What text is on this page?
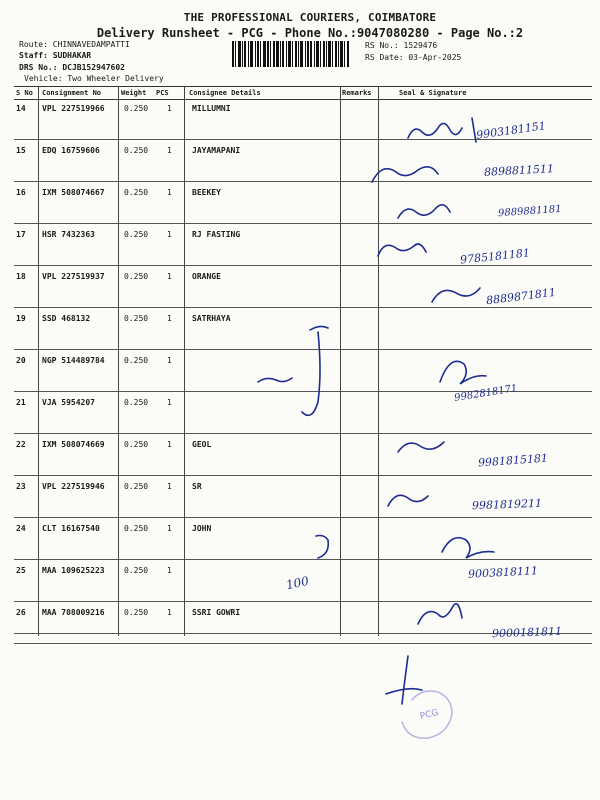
THE PROFESSIONAL COURIERS, COIMBATORE
Delivery Runsheet - PCG - Phone No.:9047080280 - Page No.:2
Route: CHINNAVEDAMPATTI
Staff: SUDHAKAR
DRS No.: DCJB152947602
Vehicle: Two Wheeler Delivery
RS No.: 1529476
RS Date: 03-Apr-2025
S No Consignment No	Weight PCS	Consignee Details	Remarks	Seal & Signature
14 VPL 227519966 0.250 1	MILLUMNI
15 EDQ 16759606	0.250 1	JAYAMAPANI
16 IXM 508074667 0.250 1	BEEKEY
17 HSR 7432363	0.250 1	RJ FASTING
18 VPL 227519937 0.250 1	ORANGE
19 SSD 468132	0.250 1	SATRHAYA
20 NGP 514489784 0.250 1
21 VJA 5954207	0.250 1
22 IXM 508074669 0.250 1	GEOL
23 VPL 227519946 0.250 1	SR
24 CLT 16167540	0.250 1	JOHN
25 MAA 109625223 0.250 1
26 MAA 708009216 0.250 1	SSRI GOWRI
9903181151
8898811511
9889881181
9785181181
8889871811
9982818171
9981815181
9981819211
9003818111
9000181811
100
PCG
